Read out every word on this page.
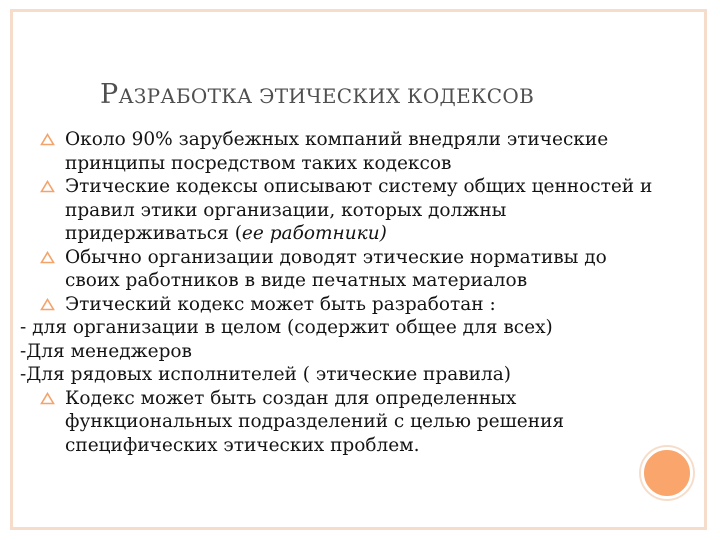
РАЗРАБОТКА ЭТИЧЕСКИХ КОДЕКСОВ
Около 90% зарубежных компаний внедряли этические принципы посредством таких кодексов
Этические кодексы описывают систему общих ценностей и правил этики организации, которых должны придерживаться (ее работники)
Обычно организации доводят этические нормативы до своих работников в виде печатных материалов
Этический кодекс может быть разработан :
- для организации в целом (содержит общее для всех)
-Для менеджеров
-Для рядовых исполнителей ( этические правила)
Кодекс может быть создан для определенных функциональных подразделений с целью решения специфических этических проблем.
